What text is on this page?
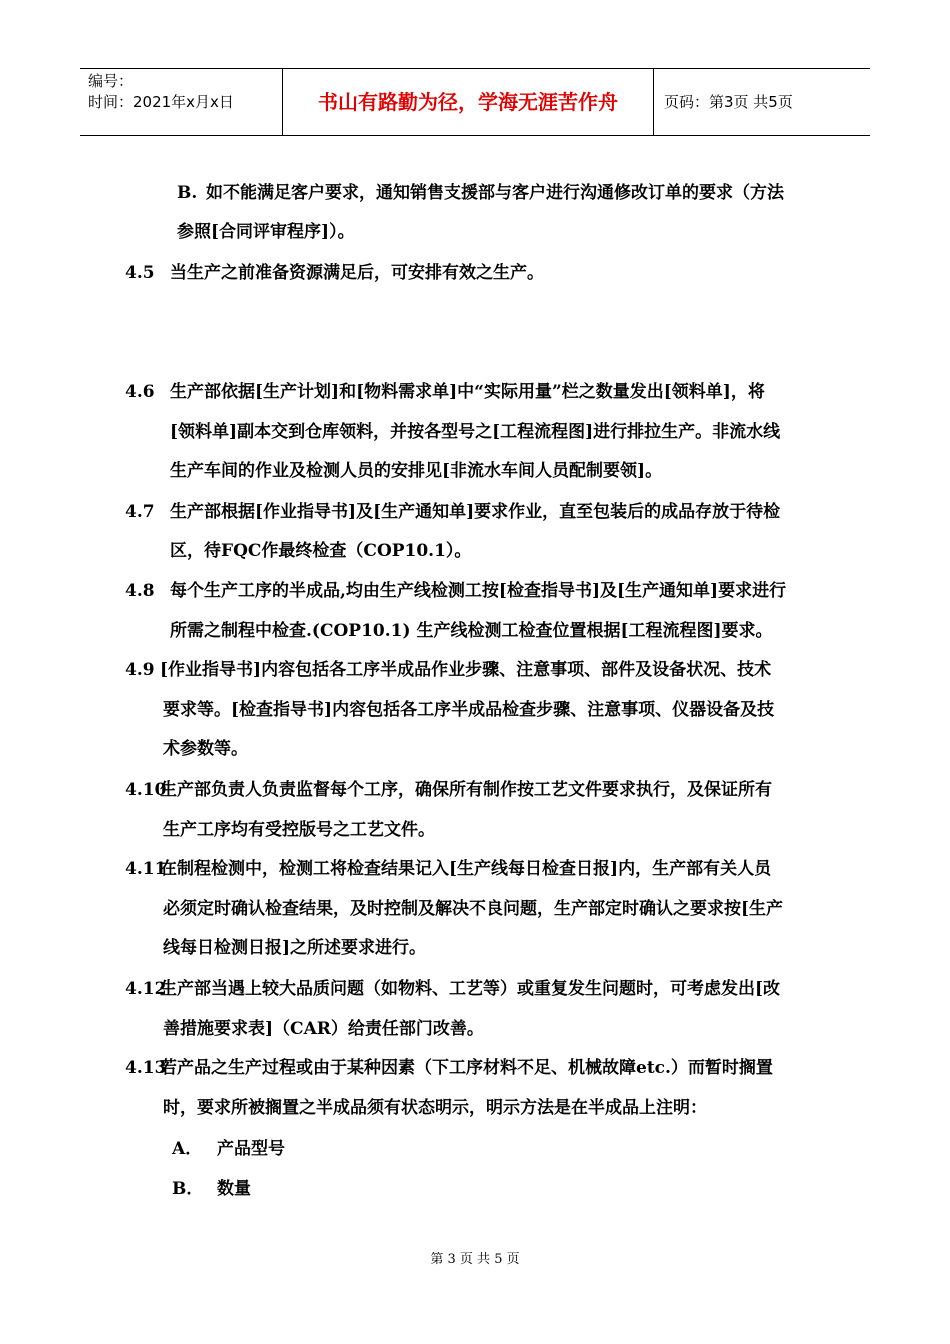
编号：
时间：2021年x月x日	书山有路勤为径，学海无涯苦作舟	页码：第3页 共5页
B. 如不能满足客户要求，通知销售支援部与客户进行沟通修改订单的要求（方法
参照[合同评审程序]）。
4.5 当生产之前准备资源满足后，可安排有效之生产。
4.6 生产部依据[生产计划]和[物料需求单]中“实际用量”栏之数量发出[领料单]，将
[领料单]副本交到仓库领料，并按各型号之[工程流程图]进行排拉生产。非流水线
生产车间的作业及检测人员的安排见[非流水车间人员配制要领]。
4.7 生产部根据[作业指导书]及[生产通知单]要求作业，直至包装后的成品存放于待检
区，待FQC作最终检查（COP10.1）。
4.8 每个生产工序的半成品,均由生产线检测工按[检查指导书]及[生产通知单]要求进行
所需之制程中检查.(COP10.1) 生产线检测工检查位置根据[工程流程图]要求。
4.9 [作业指导书]内容包括各工序半成品作业步骤、注意事项、部件及设备状况、技术
要求等。[检查指导书]内容包括各工序半成品检查步骤、注意事项、仪器设备及技
术参数等。
4.10
生产部负责人负责监督每个工序，确保所有制作按工艺文件要求执行，及保证所有
生产工序均有受控版号之工艺文件。
4.11
在制程检测中，检测工将检查结果记入[生产线每日检查日报]内，生产部有关人员
必须定时确认检查结果，及时控制及解决不良问题，生产部定时确认之要求按[生产
线每日检测日报]之所述要求进行。
4.12
生产部当遇上较大品质问题（如物料、工艺等）或重复发生问题时，可考虑发出[改
善措施要求表]（CAR）给责任部门改善。
4.13
若产品之生产过程或由于某种因素（下工序材料不足、机械故障etc.）而暂时搁置
时，要求所被搁置之半成品须有状态明示，明示方法是在半成品上注明：
A． 产品型号
B． 数量
第 3 页 共 5 页
